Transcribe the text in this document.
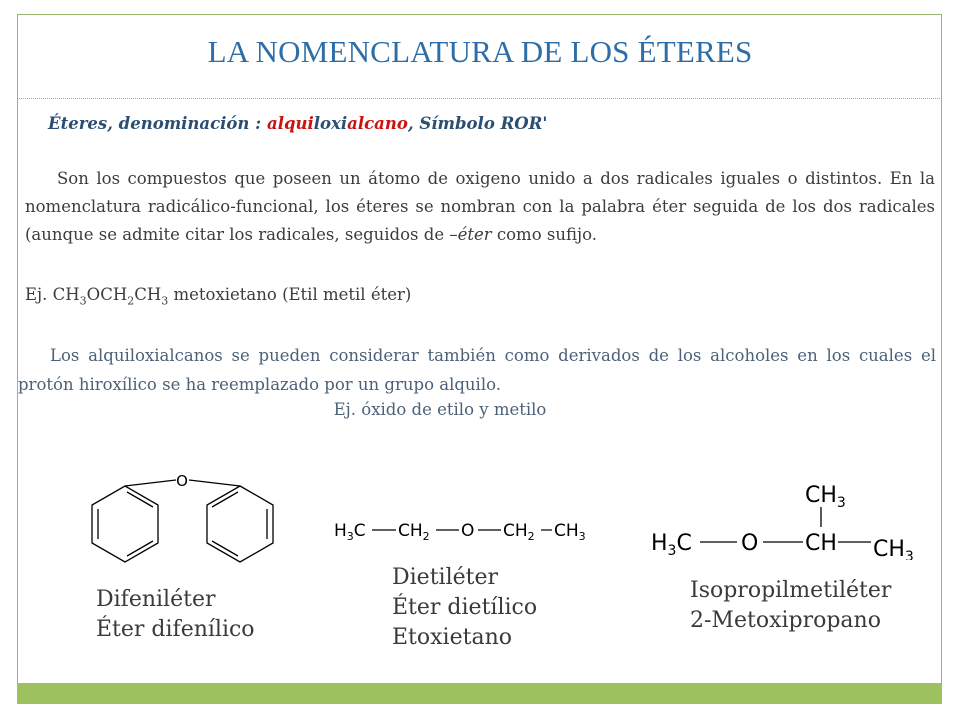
LA NOMENCLATURA DE LOS ÉTERES
Éteres, denominación : alquiloxialcano, Símbolo ROR'
Son los compuestos que poseen un átomo de oxigeno unido a dos radicales iguales o distintos. En la nomenclatura radicálico-funcional, los éteres se nombran con la palabra éter seguida de los dos radicales (aunque se admite citar los radicales, seguidos de –éter como sufijo.
Ej. $CH_3OCH_2CH_3$ metoxietano (Etil metil éter)
Los alquiloxialcanos se pueden considerar también como derivados de los alcoholes en los cuales el protón hiroxílico se ha reemplazado por un grupo alquilo.
Ej. óxido de etilo y metilo
O
$H_3C$ $CH_2$ O $CH_2$ $CH_3$
$CH_3$
$H_3C$ O CH $CH_3$
Difeniléter
Éter difenílico
Dietiléter
Éter dietílico
Etoxietano
Isopropilmetiléter
2-Metoxipropano
